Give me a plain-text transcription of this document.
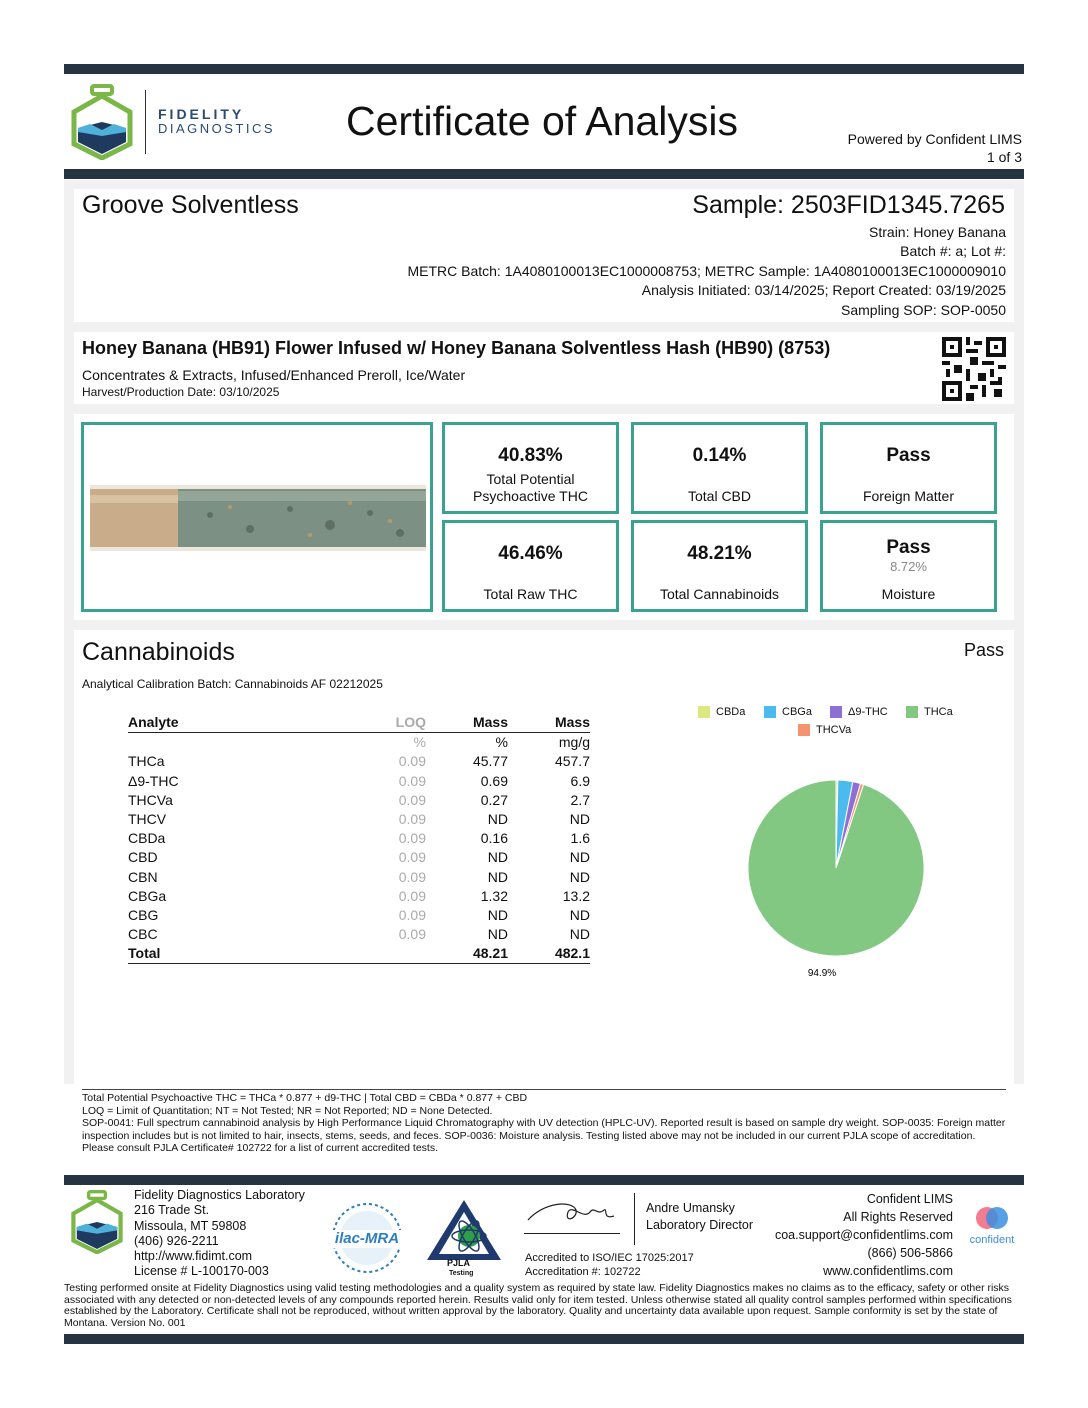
FIDELITY
DIAGNOSTICS Certificate of Analysis	Powered by Confident LIMS
1 of 3
Groove Solventless	Sample: 2503FID1345.7265
Strain: Honey Banana
Batch #: a; Lot #:
METRC Batch: 1A4080100013EC1000008753; METRC Sample: 1A4080100013EC1000009010
Analysis Initiated: 03/14/2025; Report Created: 03/19/2025
Sampling SOP: SOP-0050
Honey Banana (HB91) Flower Infused w/ Honey Banana Solventless Hash (HB90) (8753)
Concentrates & Extracts, Infused/Enhanced Preroll, Ice/Water
Harvest/Production Date: 03/10/2025
40.83%
Total Potential Psychoactive THC
0.14%
Total CBD
Pass
Foreign Matter
46.46%
Total Raw THC
48.21%
Total Cannabinoids
Pass
8.72%
Moisture
Cannabinoids	Pass
Analytical Calibration Batch: Cannabinoids AF 02212025
Analyte	LOQ	Mass	Mass
	%	%	mg/g
THCa	0.09	45.77	457.7
Δ9-THC	0.09	0.69	6.9
THCVa	0.09	0.27	2.7
THCV	0.09	ND	ND
CBDa	0.09	0.16	1.6
CBD	0.09	ND	ND
CBN	0.09	ND	ND
CBGa	0.09	1.32	13.2
CBG	0.09	ND	ND
CBC	0.09	ND	ND
Total		48.21	482.1
CBDa	CBGa	Δ9-THC	THCa
THCVa
94.9%
Total Potential Psychoactive THC = THCa * 0.877 + d9-THC | Total CBD = CBDa * 0.877 + CBD
LOQ = Limit of Quantitation; NT = Not Tested; NR = Not Reported; ND = None Detected.
SOP-0041: Full spectrum cannabinoid analysis by High Performance Liquid Chromatography with UV detection (HPLC-UV). Reported result is based on sample dry weight. SOP-0035: Foreign matter inspection includes but is not limited to hair, insects, stems, seeds, and feces. SOP-0036: Moisture analysis. Testing listed above may not be included in our current PJLA scope of accreditation. Please consult PJLA Certificate# 102722 for a list of current accredited tests.
Fidelity Diagnostics Laboratory
216 Trade St.
Missoula, MT 59808
(406) 926-2211
http://www.fidimt.com
License # L-100170-003
ilac-MRA
PJLA
Testing
Andre Umansky
Laboratory Director
Accredited to ISO/IEC 17025:2017
Accreditation #: 102722
Confident LIMS
All Rights Reserved
coa.support@confidentlims.com
(866) 506-5866
www.confidentlims.com
confident
Testing performed onsite at Fidelity Diagnostics using valid testing methodologies and a quality system as required by state law. Fidelity Diagnostics makes no claims as to the efficacy, safety or other risks associated with any detected or non-detected levels of any compounds reported herein. Results valid only for item tested. Unless otherwise stated all quality control samples performed within specifications established by the Laboratory. Certificate shall not be reproduced, without written approval by the laboratory. Quality and uncertainty data available upon request. Sample conformity is set by the state of Montana. Version No. 001
